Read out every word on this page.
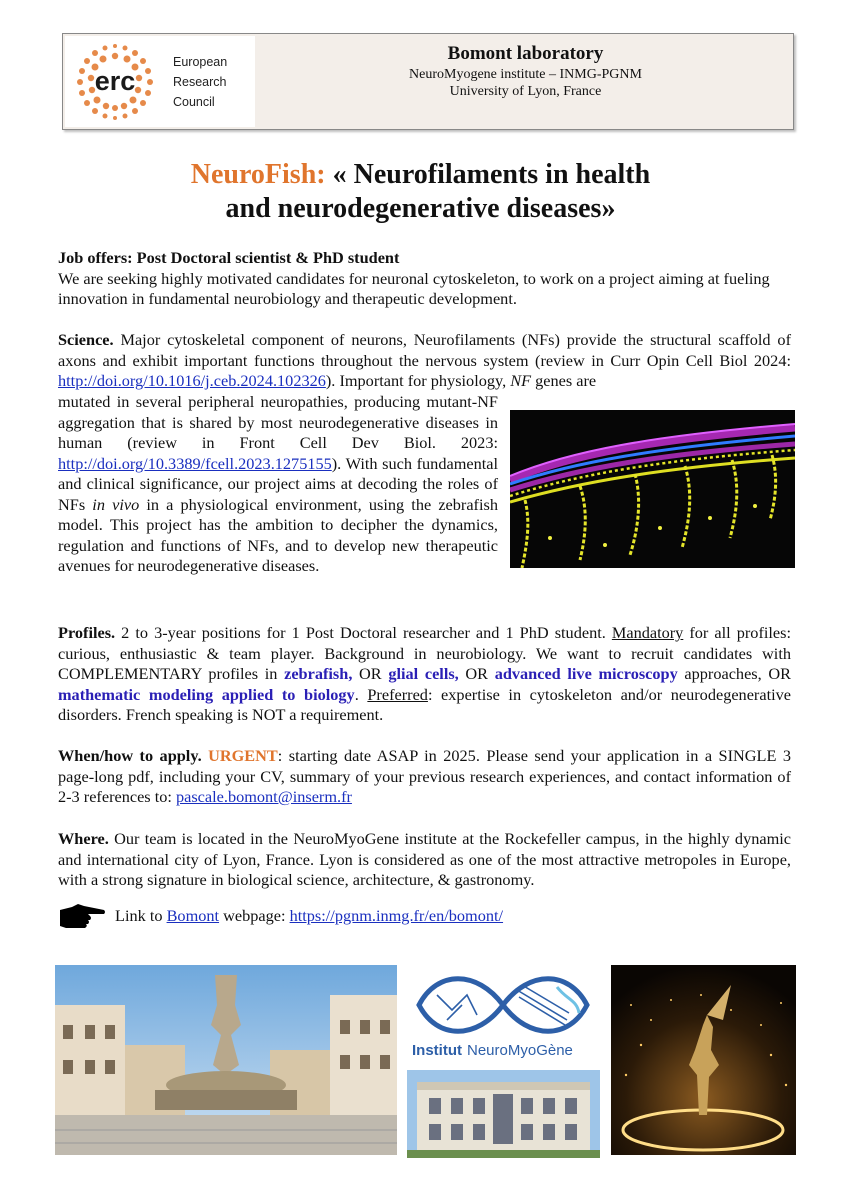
erc
European
Research
Council
Bomont laboratory
NeuroMyogene institute – INMG-PGNM
University of Lyon, France
NeuroFish: « Neurofilaments in health
and neurodegenerative diseases»
Job offers: Post Doctoral scientist & PhD student
We are seeking highly motivated candidates for neuronal cytoskeleton, to work on a project aiming at fueling innovation in fundamental neurobiology and therapeutic development.
Science. Major cytoskeletal component of neurons, Neurofilaments (NFs) provide the structural scaffold of axons and exhibit important functions throughout the nervous system (review in Curr Opin Cell Biol 2024: http://doi.org/10.1016/j.ceb.2024.102326). Important for physiology, NF genes are
mutated in several peripheral neuropathies, producing mutant-NF aggregation that is shared by most neurodegenerative diseases in human (review in Front Cell Dev Biol. 2023: http://doi.org/10.3389/fcell.2023.1275155). With such fundamental and clinical significance, our project aims at decoding the roles of NFs in vivo in a physiological environment, using the zebrafish model. This project has the ambition to decipher the dynamics, regulation and functions of NFs, and to develop new therapeutic avenues for neurodegenerative diseases.
Profiles. 2 to 3-year positions for 1 Post Doctoral researcher and 1 PhD student. Mandatory for all profiles: curious, enthusiastic & team player. Background in neurobiology. We want to recruit candidates with COMPLEMENTARY profiles in zebrafish, OR glial cells, OR advanced live microscopy approaches, OR mathematic modeling applied to biology. Preferred: expertise in cytoskeleton and/or neurodegenerative disorders. French speaking is NOT a requirement.
When/how to apply. URGENT: starting date ASAP in 2025. Please send your application in a SINGLE 3 page-long pdf, including your CV, summary of your previous research experiences, and contact information of 2-3 references to: pascale.bomont@inserm.fr
Where. Our team is located in the NeuroMyoGene institute at the Rockefeller campus, in the highly dynamic and international city of Lyon, France. Lyon is considered as one of the most attractive metropoles in Europe, with a strong signature in biological science, architecture, & gastronomy.
Link to Bomont webpage: https://pgnm.inmg.fr/en/bomont/
Institut NeuroMyoGène
